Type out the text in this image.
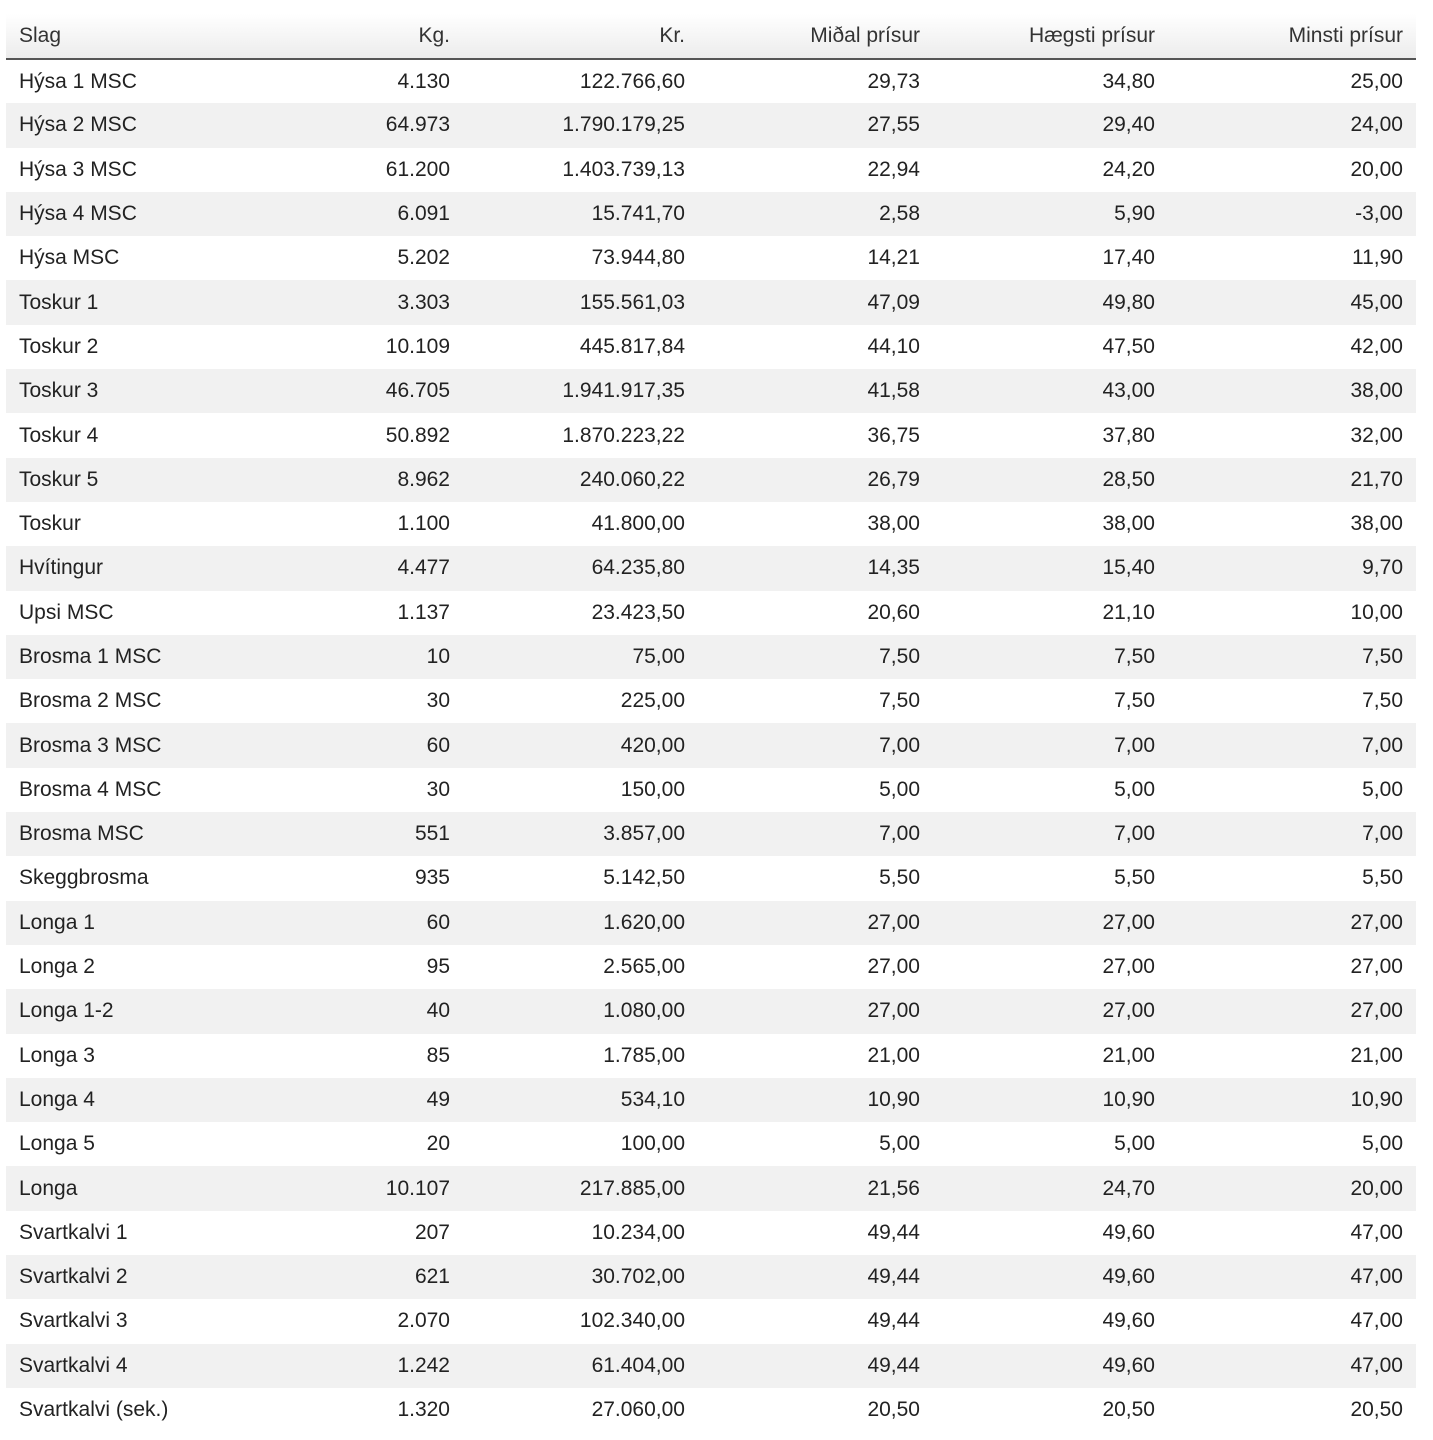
Slag	Kg.	Kr.	Miðal prísur	Hægsti prísur	Minsti prísur
Hýsa 1 MSC	4.130	122.766,60	29,73	34,80	25,00
Hýsa 2 MSC	64.973	1.790.179,25	27,55	29,40	24,00
Hýsa 3 MSC	61.200	1.403.739,13	22,94	24,20	20,00
Hýsa 4 MSC	6.091	15.741,70	2,58	5,90	-3,00
Hýsa MSC	5.202	73.944,80	14,21	17,40	11,90
Toskur 1	3.303	155.561,03	47,09	49,80	45,00
Toskur 2	10.109	445.817,84	44,10	47,50	42,00
Toskur 3	46.705	1.941.917,35	41,58	43,00	38,00
Toskur 4	50.892	1.870.223,22	36,75	37,80	32,00
Toskur 5	8.962	240.060,22	26,79	28,50	21,70
Toskur	1.100	41.800,00	38,00	38,00	38,00
Hvítingur	4.477	64.235,80	14,35	15,40	9,70
Upsi MSC	1.137	23.423,50	20,60	21,10	10,00
Brosma 1 MSC	10	75,00	7,50	7,50	7,50
Brosma 2 MSC	30	225,00	7,50	7,50	7,50
Brosma 3 MSC	60	420,00	7,00	7,00	7,00
Brosma 4 MSC	30	150,00	5,00	5,00	5,00
Brosma MSC	551	3.857,00	7,00	7,00	7,00
Skeggbrosma	935	5.142,50	5,50	5,50	5,50
Longa 1	60	1.620,00	27,00	27,00	27,00
Longa 2	95	2.565,00	27,00	27,00	27,00
Longa 1-2	40	1.080,00	27,00	27,00	27,00
Longa 3	85	1.785,00	21,00	21,00	21,00
Longa 4	49	534,10	10,90	10,90	10,90
Longa 5	20	100,00	5,00	5,00	5,00
Longa	10.107	217.885,00	21,56	24,70	20,00
Svartkalvi 1	207	10.234,00	49,44	49,60	47,00
Svartkalvi 2	621	30.702,00	49,44	49,60	47,00
Svartkalvi 3	2.070	102.340,00	49,44	49,60	47,00
Svartkalvi 4	1.242	61.404,00	49,44	49,60	47,00
Svartkalvi (sek.)	1.320	27.060,00	20,50	20,50	20,50
